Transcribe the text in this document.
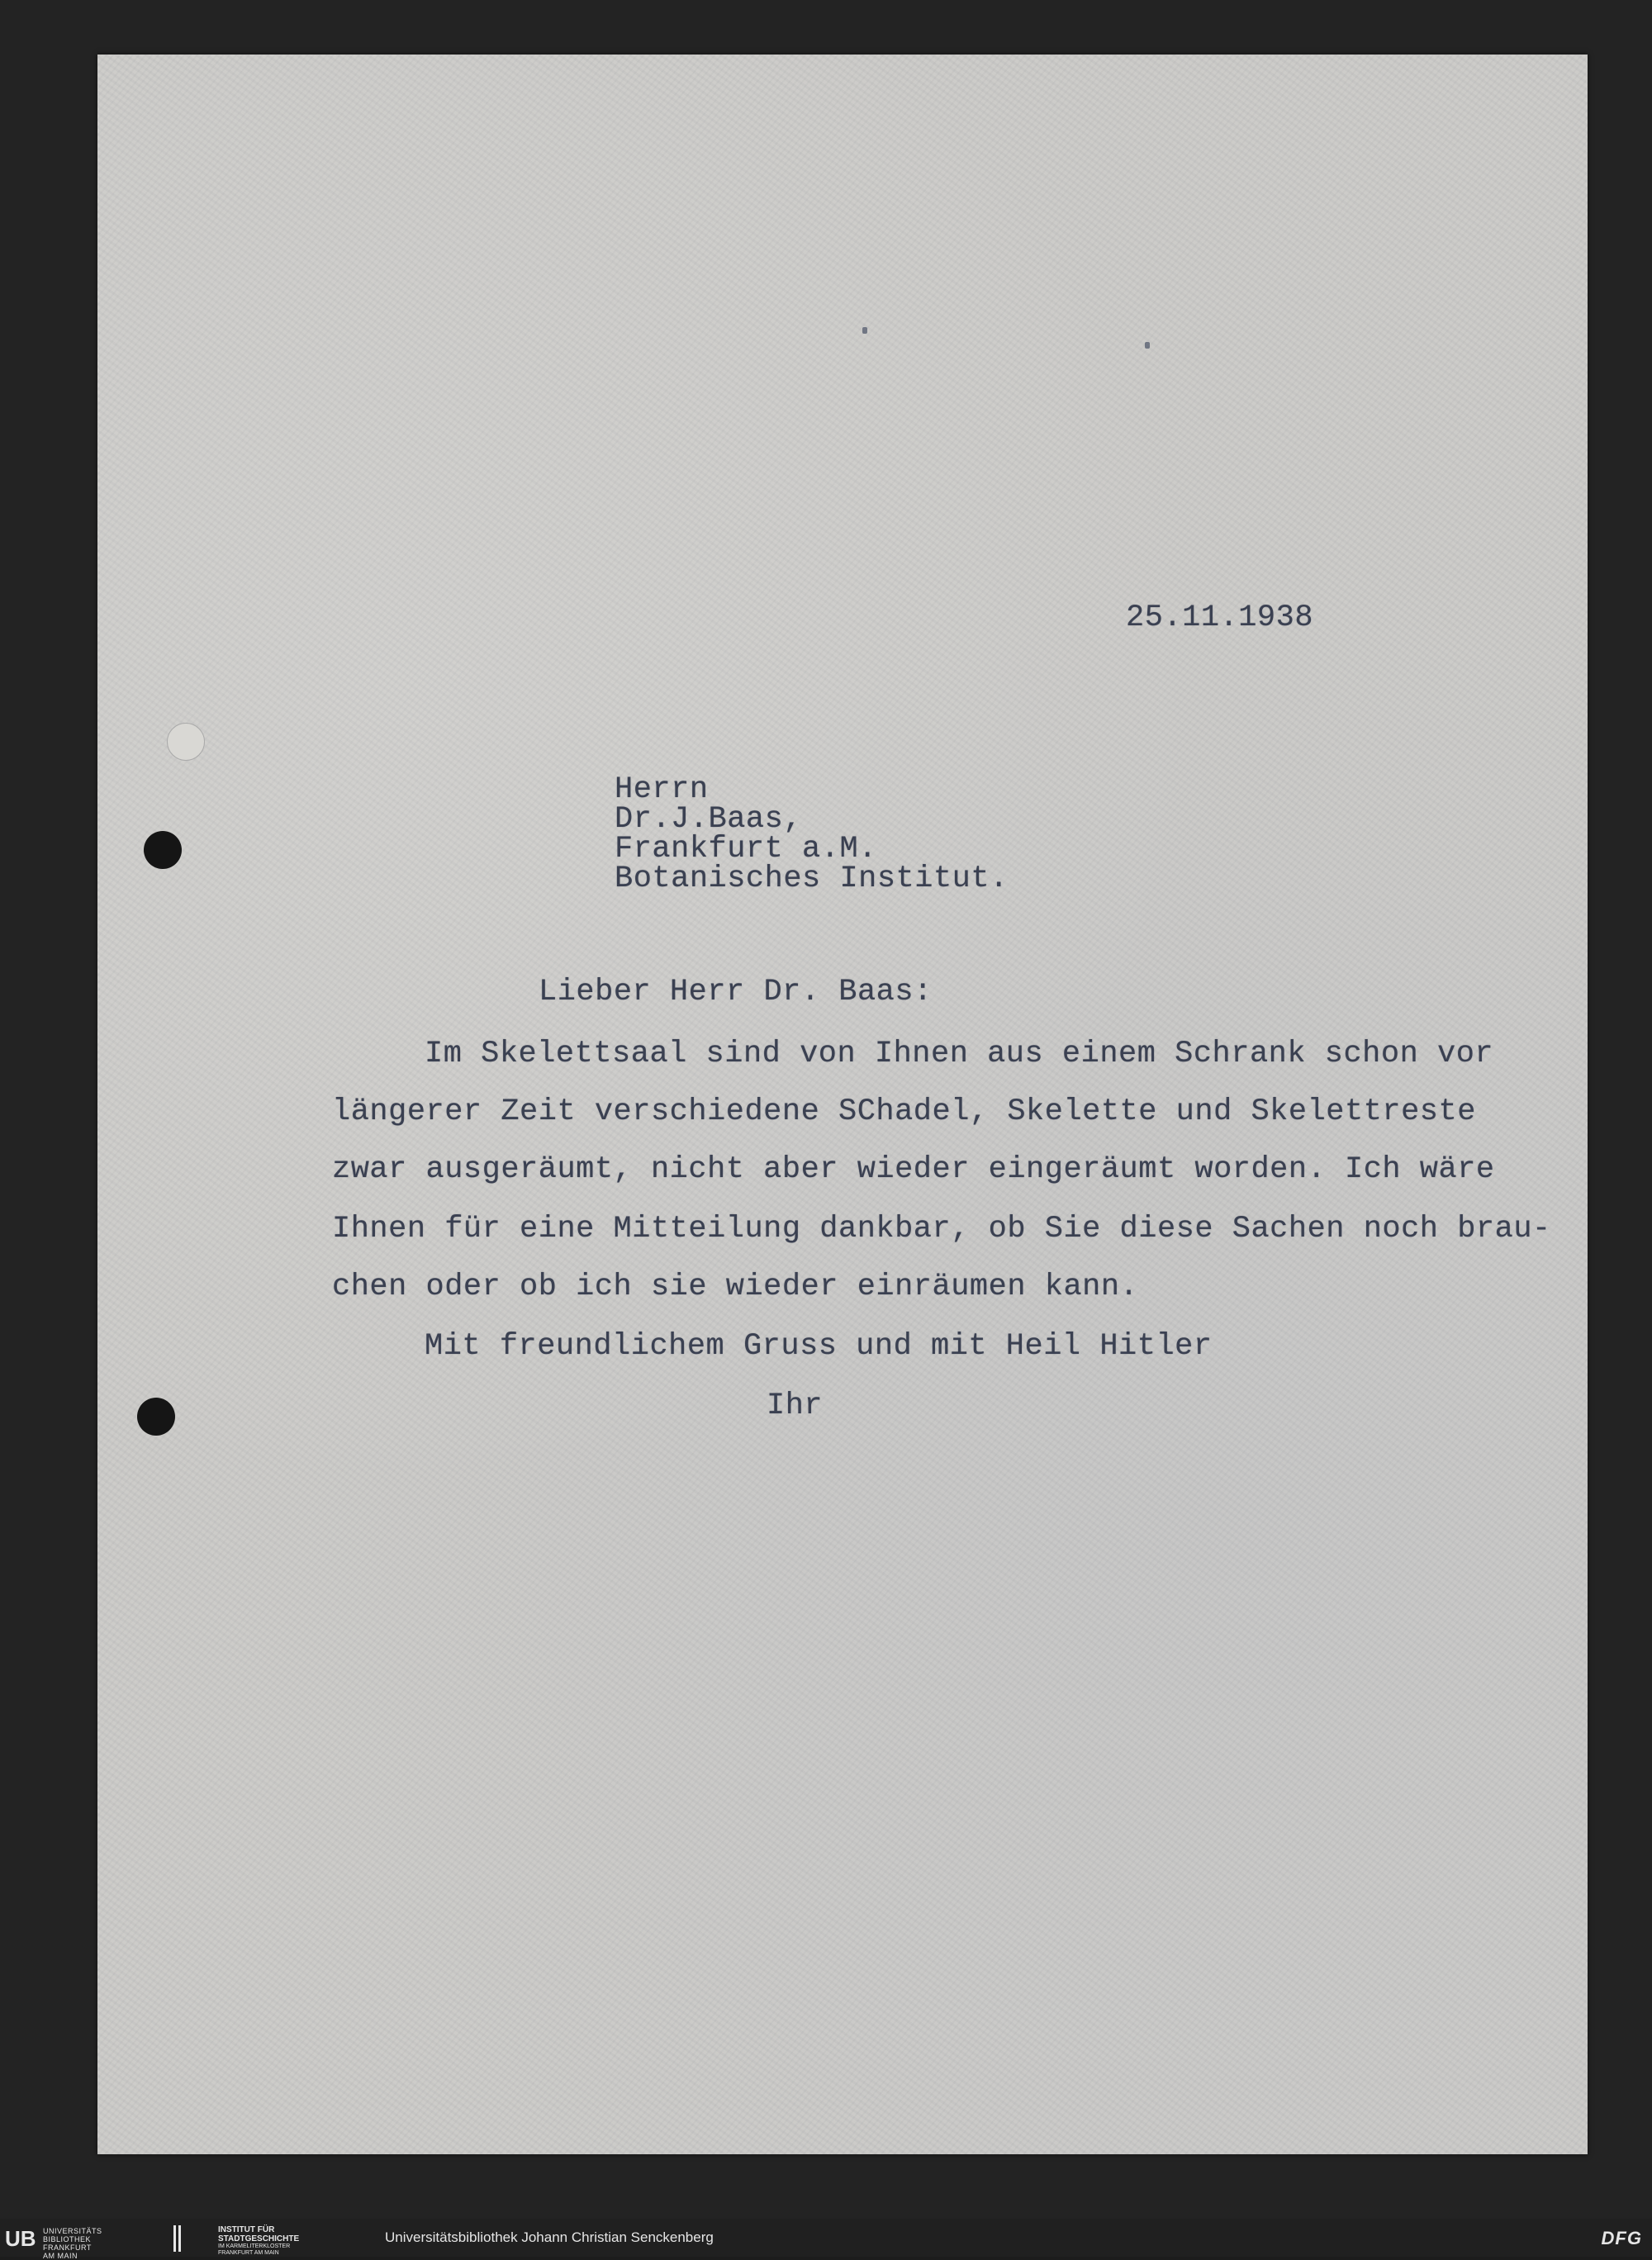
25.11.1938

Herrn

Dr.J.Baas,

Frankfurt a.M.

Botanisches Institut.

Lieber Herr Dr. Baas:

Im Skelettsaal sind von Ihnen aus einem Schrank schon vor

längerer Zeit verschiedene SChadel, Skelette und Skelettreste

zwar ausgeräumt, nicht aber wieder eingeräumt worden. Ich wäre

Ihnen für eine Mitteilung dankbar, ob Sie diese Sachen noch brau-

chen oder ob ich sie wieder einräumen kann.

Mit freundlichem Gruss und mit Heil Hitler

Ihr

UB UNIVERSITÄTS
BIBLIOTHEK
FRANKFURT AM MAIN
INSTITUT FÜR
STADTGESCHICHTE
IM KARMELITERKLOSTER
FRANKFURT AM MAIN
Universitätsbibliothek Johann Christian Senckenberg	DFG
